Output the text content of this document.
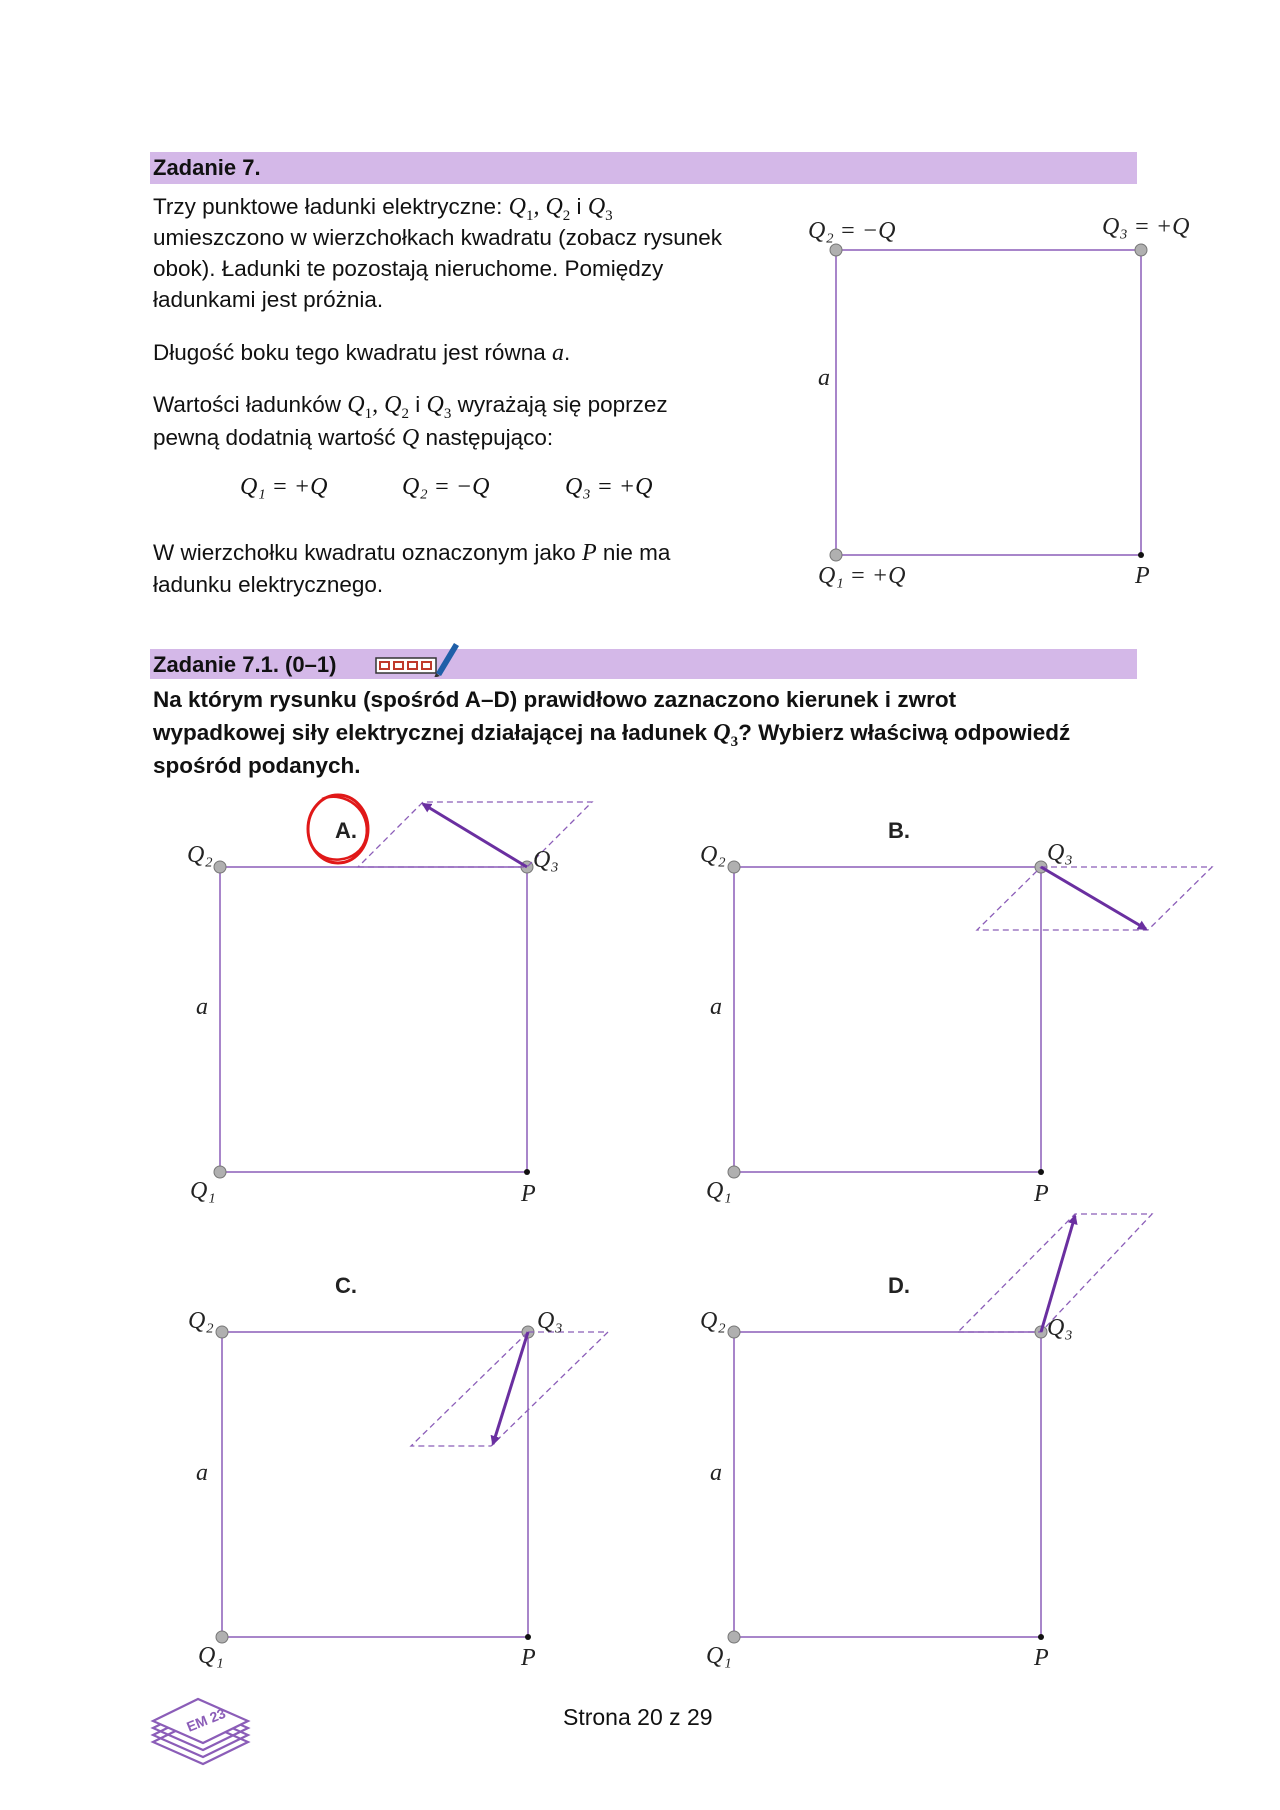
Zadanie 7.
Trzy punktowe ładunki elektryczne: $Q_1$, $Q_2$ i $Q_3$
umieszczono w wierzchołkach kwadratu (zobacz rysunek
obok). Ładunki te pozostają nieruchome. Pomiędzy
ładunkami jest próżnia.
Długość boku tego kwadratu jest równa a.
Wartości ładunków $Q_1$, $Q_2$ i $Q_3$ wyrażają się poprzez
pewną dodatnią wartość Q następująco:
Q₁ = +Q	Q₂ = −Q	Q₃ = +Q
W wierzchołku kwadratu oznaczonym jako P nie ma
ładunku elektrycznego.
Q₂ = −Q	Q₃ = +Q
a
Q₁ = +Q	P
Zadanie 7.1. (0–1)
Na którym rysunku (spośród A–D) prawidłowo zaznaczono kierunek i zwrot
wypadkowej siły elektrycznej działającej na ładunek $Q_3$? Wybierz właściwą odpowiedź
spośród podanych.
Q₂	Q₃
a
Q₁	P
A.
Q₂	Q₃
a
Q₁	P
B.
Q₂	Q₃
a
Q₁	P
C.
Q₂	Q₃
a
Q₁	P
D.
EM 23	Strona 20 z 29
